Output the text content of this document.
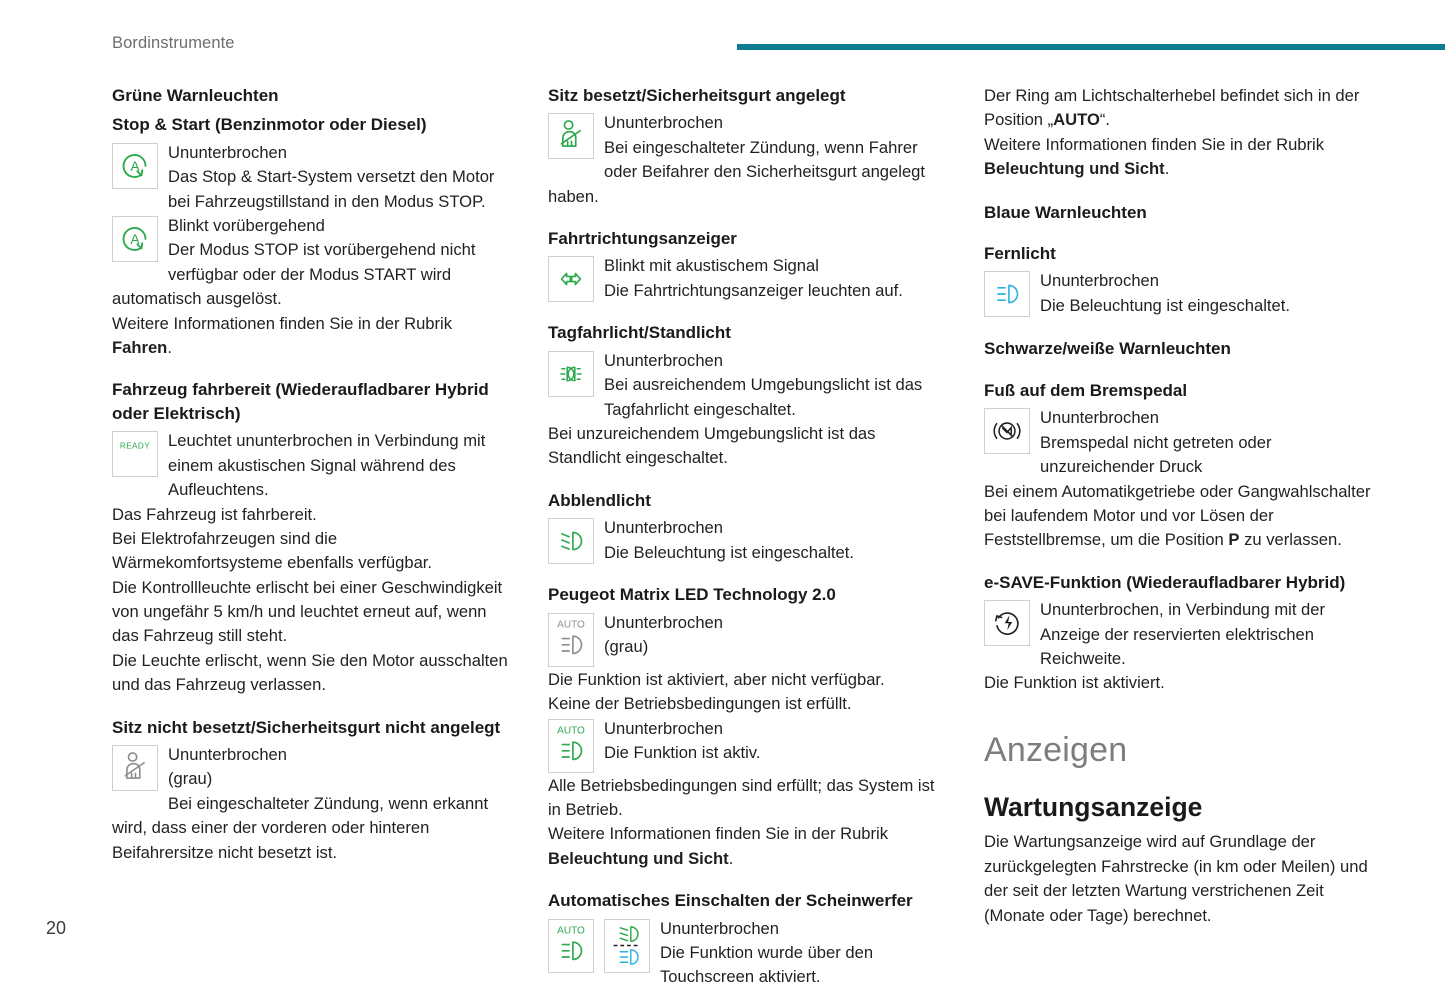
Bordinstrumente
Grüne Warnleuchten
Stop & Start (Benzinmotor oder Diesel)
A
Ununterbrochen
Das Stop & Start-System versetzt den Motor
bei Fahrzeugstillstand in den Modus STOP.
A
Blinkt vorübergehend
Der Modus STOP ist vorübergehend nicht
verfügbar oder der Modus START wird automatisch ausgelöst.

Weitere Informationen finden Sie in der Rubrik Fahren.

Fahrzeug fahrbereit (Wiederaufladbarer Hybrid oder Elektrisch)
READY	Leuchtet ununterbrochen in Verbindung mit
einem akustischen Signal während des
Aufleuchtens.

Das Fahrzeug ist fahrbereit.

Bei Elektrofahrzeugen sind die Wärmekomfortsysteme ebenfalls verfügbar.

Die Kontrollleuchte erlischt bei einer Geschwindigkeit von ungefähr 5 km/h und leuchtet erneut auf, wenn das Fahrzeug still steht.

Die Leuchte erlischt, wenn Sie den Motor ausschalten und das Fahrzeug verlassen.

Sitz nicht besetzt/Sicherheitsgurt nicht angelegt
Ununterbrochen
(grau)
Bei eingeschalteter Zündung, wenn erkannt wird, dass einer der vorderen oder hinteren Beifahrersitze nicht besetzt ist.
Sitz besetzt/Sicherheitsgurt angelegt
Ununterbrochen
Bei eingeschalteter Zündung, wenn Fahrer
oder Beifahrer den Sicherheitsgurt angelegt haben.
Fahrtrichtungsanzeiger
Blinkt mit akustischem Signal
Die Fahrtrichtungsanzeiger leuchten auf.
Tagfahrlicht/Standlicht
Ununterbrochen
Bei ausreichendem Umgebungslicht ist das
Tagfahrlicht eingeschaltet.

Bei unzureichendem Umgebungslicht ist das Standlicht eingeschaltet.

Abblendlicht
Ununterbrochen
Die Beleuchtung ist eingeschaltet.
Peugeot Matrix LED Technology 2.0
AUTO	Ununterbrochen
(grau)

Die Funktion ist aktiviert, aber nicht verfügbar.

Keine der Betriebsbedingungen ist erfüllt.

AUTO	Ununterbrochen
Die Funktion ist aktiv.

Alle Betriebsbedingungen sind erfüllt; das System ist in Betrieb.

Weitere Informationen finden Sie in der Rubrik Beleuchtung und Sicht.

Automatisches Einschalten der Scheinwerfer
AUTO	Ununterbrochen
Die Funktion wurde über den
Touchscreen aktiviert.

Der Ring am Lichtschalterhebel befindet sich in der Position „AUTO“.

Weitere Informationen finden Sie in der Rubrik Beleuchtung und Sicht.

Blaue Warnleuchten
Fernlicht
Ununterbrochen
Die Beleuchtung ist eingeschaltet.
Schwarze/weiße Warnleuchten
Fuß auf dem Bremspedal
Ununterbrochen
Bremspedal nicht getreten oder
unzureichender Druck

Bei einem Automatikgetriebe oder Gangwahlschalter bei laufendem Motor und vor Lösen der Feststellbremse, um die Position P zu verlassen.

e-SAVE-Funktion (Wiederaufladbarer Hybrid)
Ununterbrochen, in Verbindung mit der
Anzeige der reservierten elektrischen
Reichweite.

Die Funktion ist aktiviert.

Anzeigen
Wartungsanzeige

Die Wartungsanzeige wird auf Grundlage der zurückgelegten Fahrstrecke (in km oder Meilen) und der seit der letzten Wartung verstrichenen Zeit (Monate oder Tage) berechnet.

20
